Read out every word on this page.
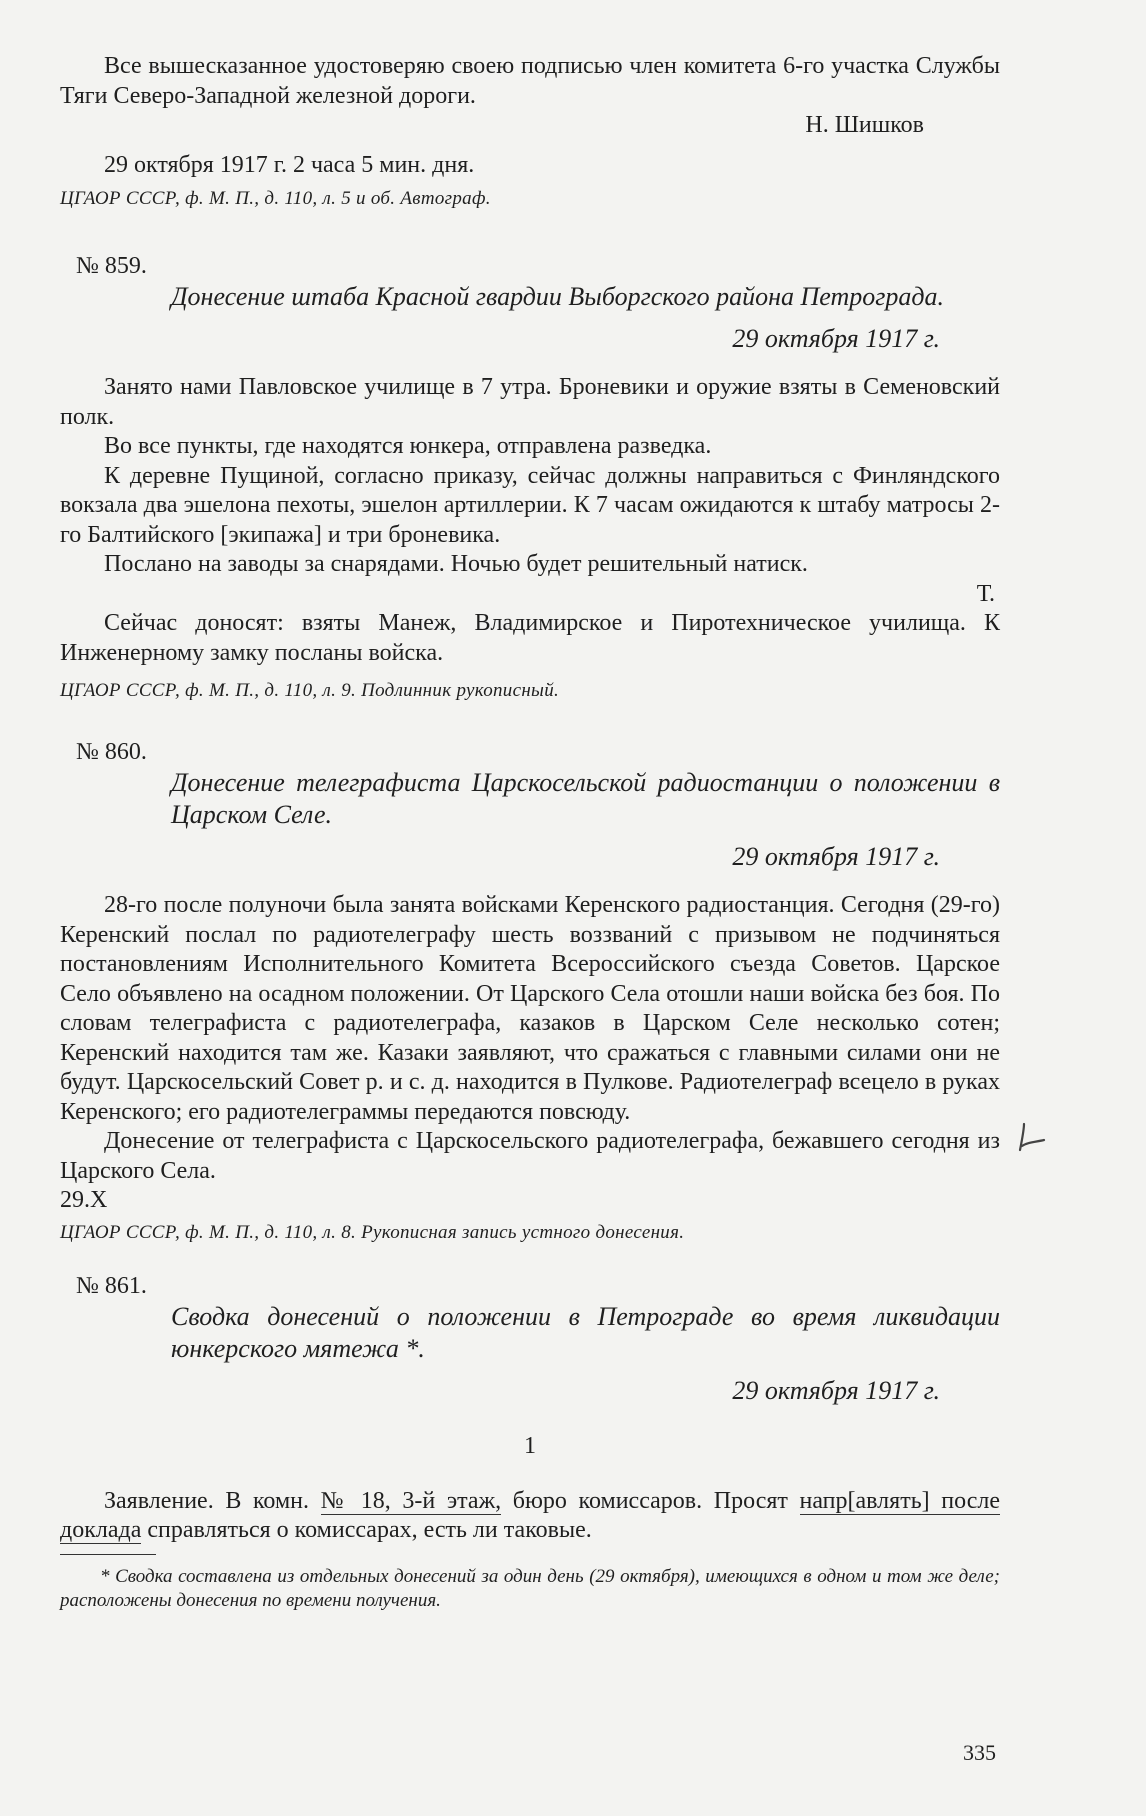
Все вышесказанное удостоверяю своею подписью член комитета 6-го участка Службы Тяги Северо-Западной железной дороги.

Н. Шишков

29 октября 1917 г. 2 часа 5 мин. дня.

ЦГАОР СССР, ф. М. П., д. 110, л. 5 и об. Автограф.

№ 859.

Донесение штаба Красной гвардии Выборгского района Петрограда.

29 октября 1917 г.

Занято нами Павловское училище в 7 утра. Броневики и оружие взяты в Семеновский полк.

Во все пункты, где находятся юнкера, отправлена разведка.

К деревне Пущиной, согласно приказу, сейчас должны направиться с Финляндского вокзала два эшелона пехоты, эшелон артиллерии. К 7 часам ожидаются к штабу матросы 2-го Балтийского [экипажа] и три броневика.

Послано на заводы за снарядами. Ночью будет решительный натиск.

Т.

Сейчас доносят: взяты Манеж, Владимирское и Пиротехническое училища. К Инженерному замку посланы войска.

ЦГАОР СССР, ф. М. П., д. 110, л. 9. Подлинник рукописный.

№ 860.

Донесение телеграфиста Царскосельской радиостанции о положении в Царском Селе.

29 октября 1917 г.

28-го после полуночи была занята войсками Керенского радиостанция. Сегодня (29-го) Керенский послал по радиотелеграфу шесть воззваний с призывом не подчиняться постановлениям Исполнительного Комитета Всероссийского съезда Советов. Царское Село объявлено на осадном положении. От Царского Села отошли наши войска без боя. По словам телеграфиста с радиотелеграфа, казаков в Царском Селе несколько сотен; Керенский находится там же. Казаки заявляют, что сражаться с главными силами они не будут. Царскосельский Совет р. и с. д. находится в Пулкове. Радиотелеграф всецело в руках Керенского; его радиотелеграммы передаются повсюду.

Донесение от телеграфиста с Царскосельского радиотелеграфа, бежавшего сегодня из Царского Села.

29.X

ЦГАОР СССР, ф. М. П., д. 110, л. 8. Рукописная запись устного донесения.

№ 861.

Сводка донесений о положении в Петрограде во время ликвидации юнкерского мятежа *.

29 октября 1917 г.
1

Заявление. В комн. № 18, 3-й этаж, бюро комиссаров. Просят напр[авлять] после доклада справляться о комиссарах, есть ли таковые.

* Сводка составлена из отдельных донесений за один день (29 октября), имеющихся в одном и том же деле; расположены донесения по времени получения.

335
